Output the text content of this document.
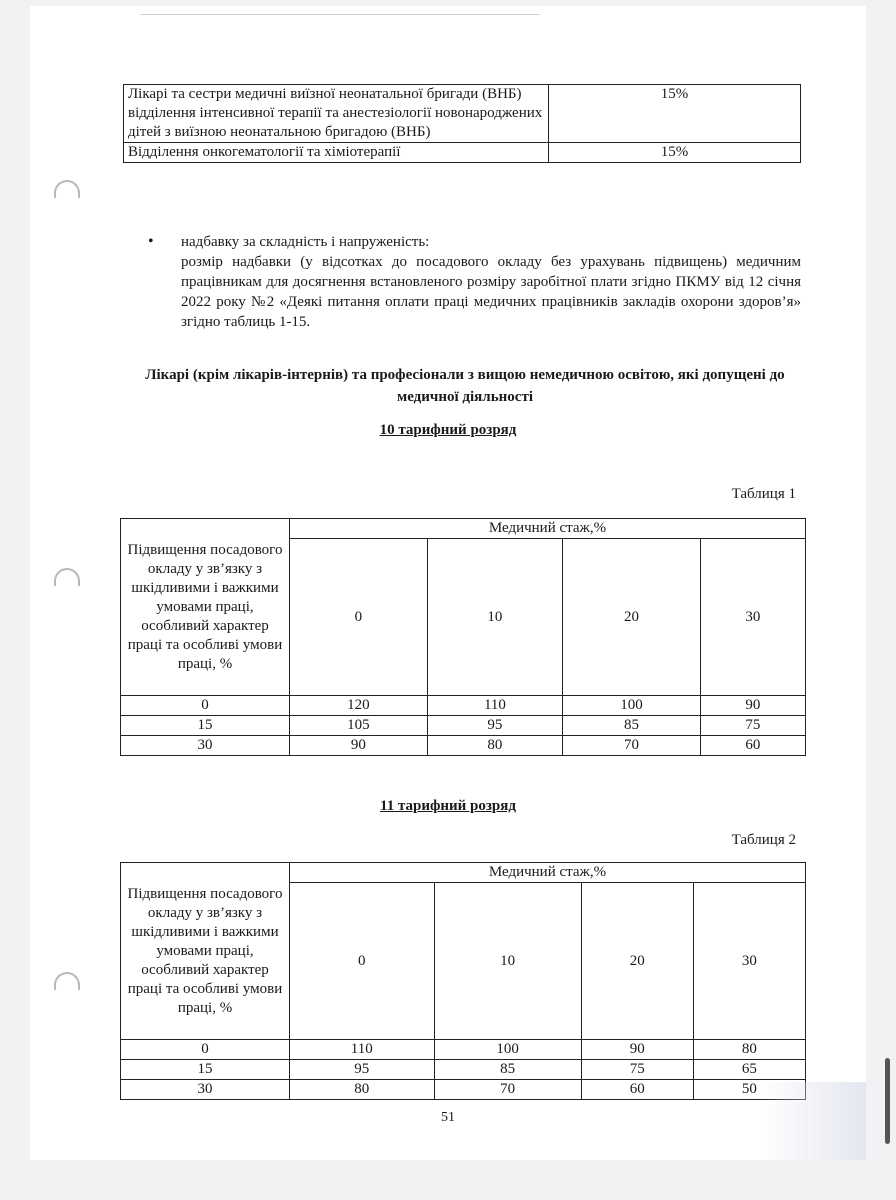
Лікарі та сестри медичні виїзної неонатальної бригади (ВНБ) відділення інтенсивної терапії та анестезіології новонароджених дітей з виїзною неонатальною бригадою (ВНБ)	15%
Відділення онкогематології та хіміотерапії	15%
• надбавку за складність і напруженість:
розмір надбавки (у відсотках до посадового окладу без урахувань підвищень) медичним працівникам для досягнення встановленого розміру заробітної плати згідно ПКМУ від 12 січня 2022 року №2 «Деякі питання оплати праці медичних працівників закладів охорони здоров’я» згідно таблиць 1-15.
Лікарі (крім лікарів-інтернів) та професіонали з вищою немедичною освітою, які допущені до медичної діяльності
10 тарифний розряд
Таблиця 1
Підвищення посадового окладу у зв’язку з шкідливими і важкими умовами праці, особливий характер праці та особливі умови праці, %	Медичний стаж,%			
	0	10	20	30
0	120	110	100	90
15	105	95	85	75
30	90	80	70	60
11 тарифний розряд
Таблиця 2
Підвищення посадового окладу у зв’язку з шкідливими і важкими умовами праці, особливий характер праці та особливі умови праці, %	Медичний стаж,%			
	0	10	20	30
0	110	100	90	80
15	95	85	75	65
30	80	70	60	50
51
